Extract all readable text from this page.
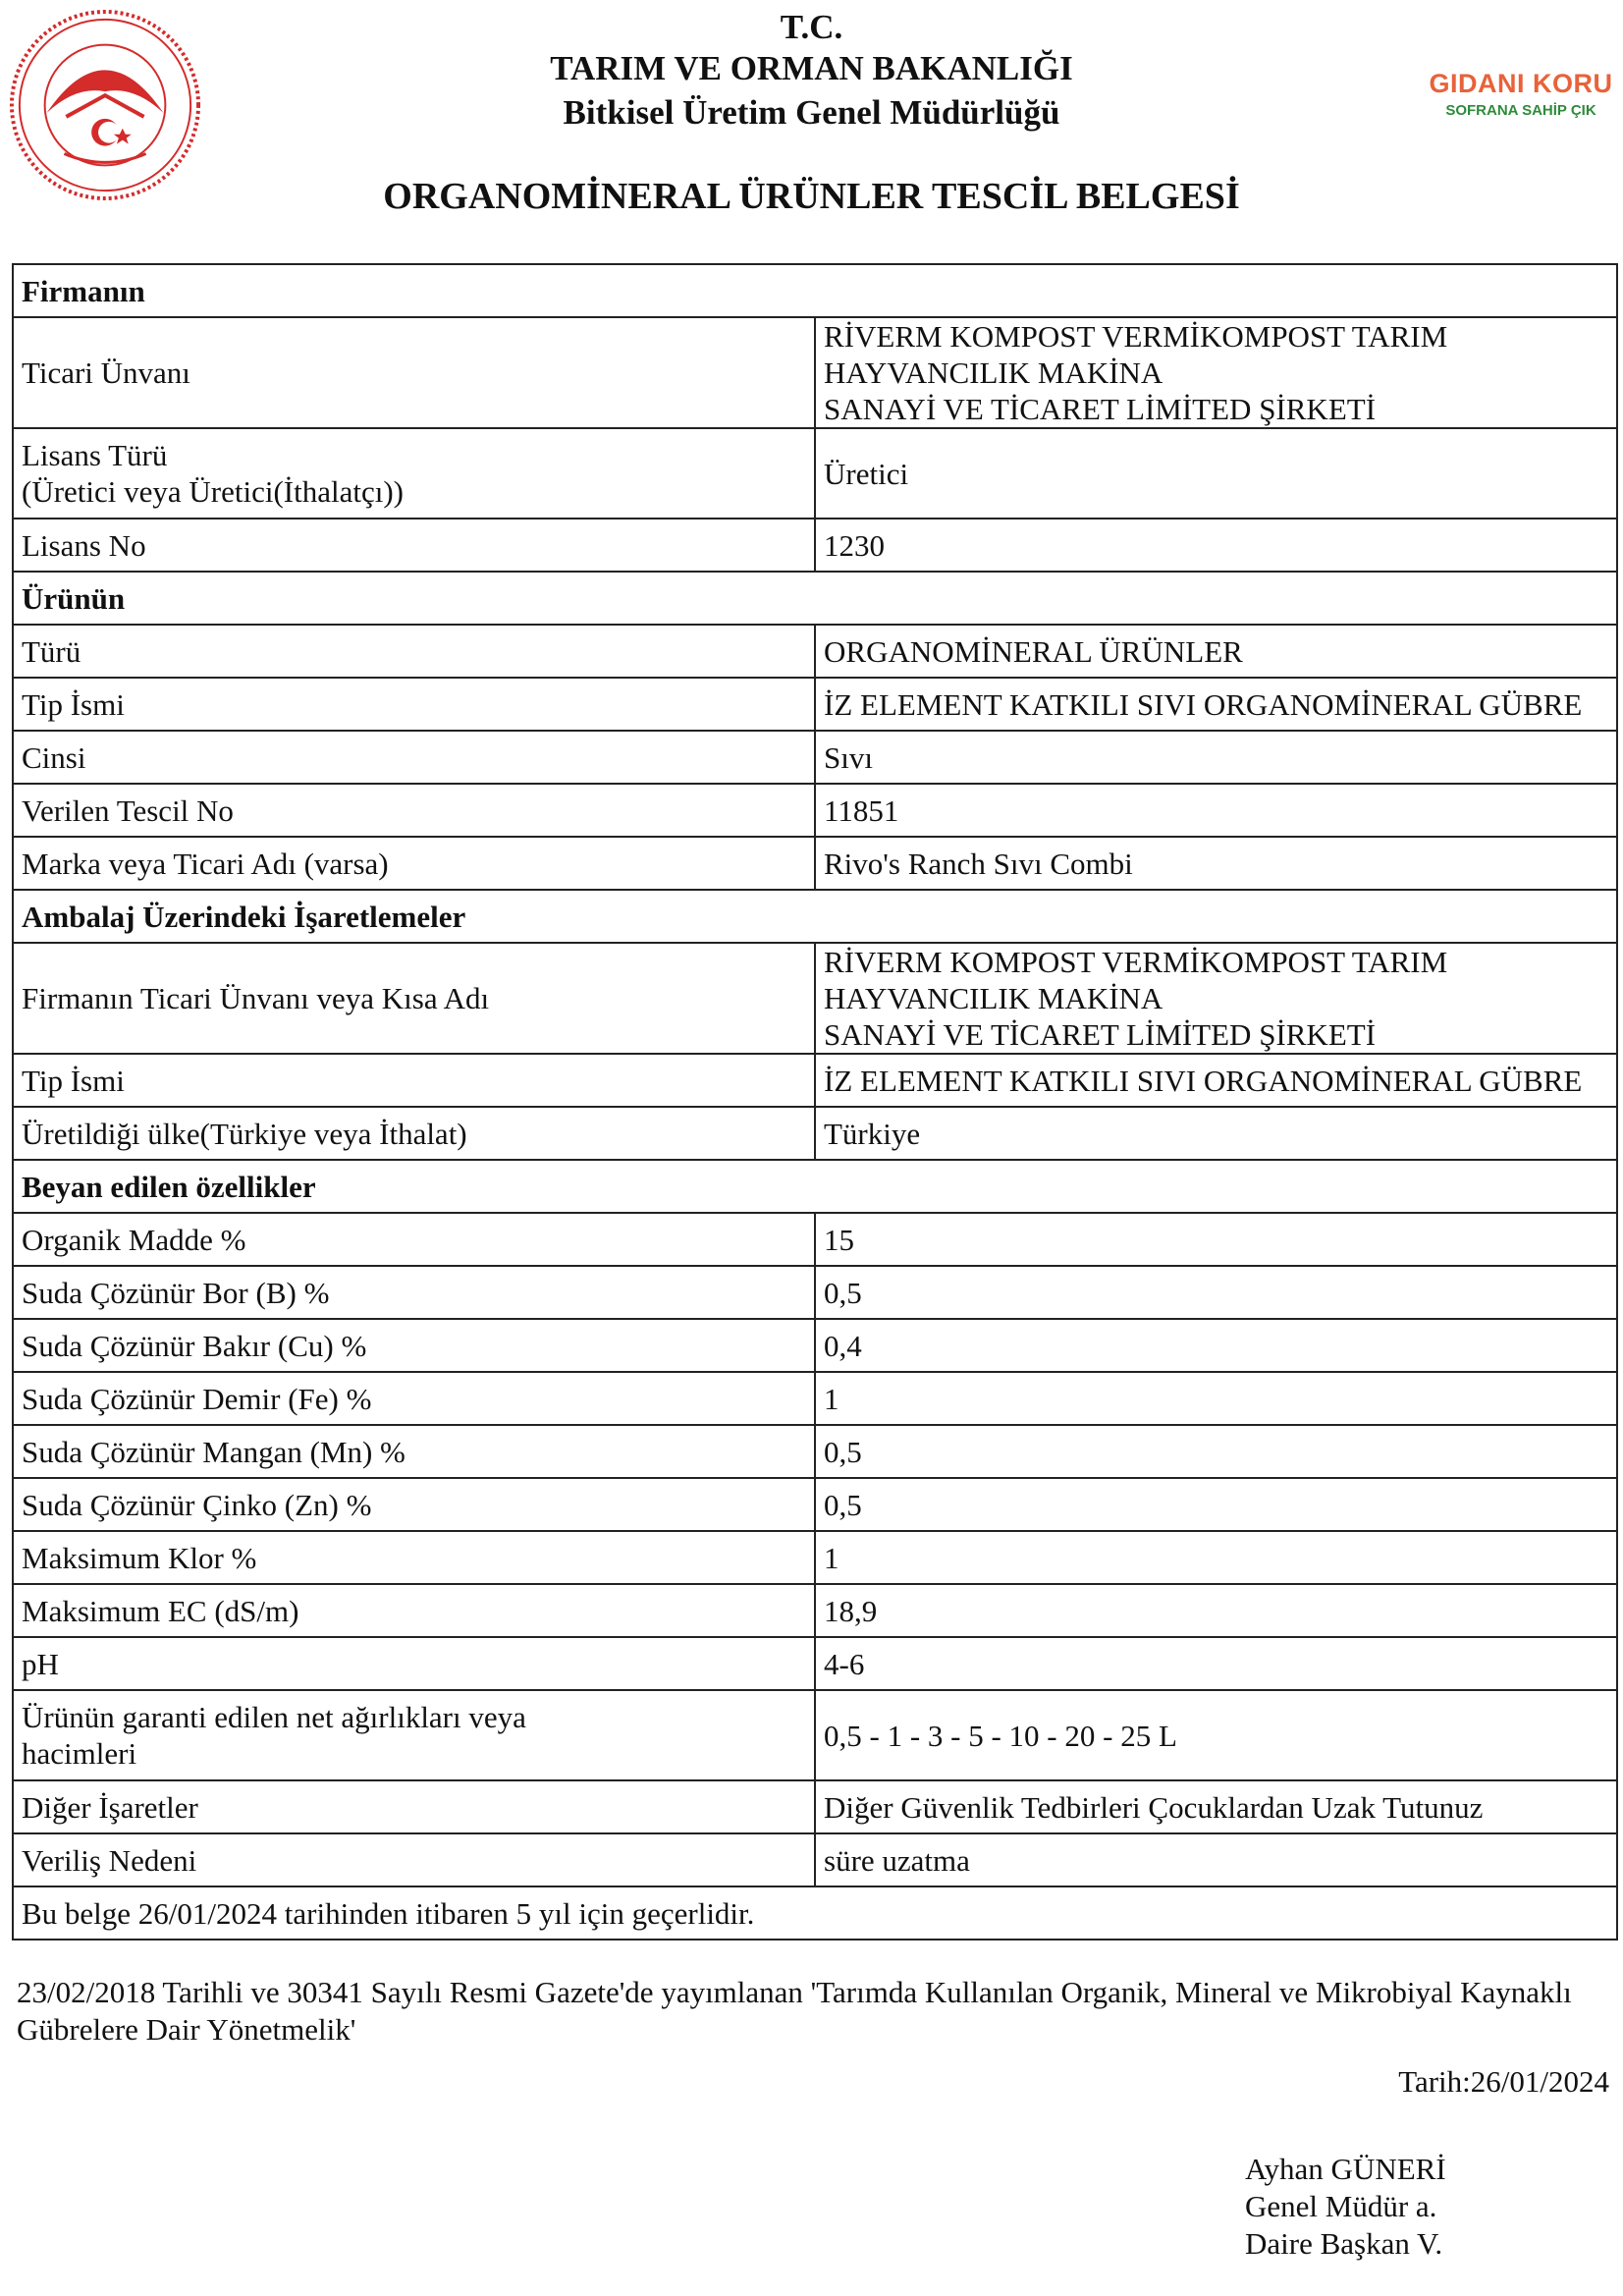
GIDANI KORU
SOFRANA SAHİP ÇIK
T.C.
TARIM VE ORMAN BAKANLIĞI
Bitkisel Üretim Genel Müdürlüğü
ORGANOMİNERAL ÜRÜNLER TESCİL BELGESİ
Firmanın	
Ticari Ünvanı	RİVERM KOMPOST VERMİKOMPOST TARIM HAYVANCILIK MAKİNA
SANAYİ VE TİCARET LİMİTED ŞİRKETİ

Lisans Türü
(Üretici veya Üretici(İthalatçı))	Üretici
Lisans No	1230
Ürünün	
Türü	ORGANOMİNERAL ÜRÜNLER
Tip İsmi	İZ ELEMENT KATKILI SIVI ORGANOMİNERAL GÜBRE
Cinsi	Sıvı
Verilen Tescil No	11851
Marka veya Ticari Adı (varsa)	Rivo's Ranch Sıvı Combi
Ambalaj Üzerindeki İşaretlemeler	
Firmanın Ticari Ünvanı veya Kısa Adı	RİVERM KOMPOST VERMİKOMPOST TARIM HAYVANCILIK MAKİNA
SANAYİ VE TİCARET LİMİTED ŞİRKETİ

Tip İsmi	İZ ELEMENT KATKILI SIVI ORGANOMİNERAL GÜBRE
Üretildiği ülke(Türkiye veya İthalat)	Türkiye
Beyan edilen özellikler	
Organik Madde %	15
Suda Çözünür Bor (B) %	0,5
Suda Çözünür Bakır (Cu) %	0,4
Suda Çözünür Demir (Fe) %	1
Suda Çözünür Mangan (Mn) %	0,5
Suda Çözünür Çinko (Zn) %	0,5
Maksimum Klor %	1
Maksimum EC (dS/m)	18,9
pH	4-6

Ürünün garanti edilen net ağırlıkları veya
hacimleri	0,5 - 1 - 3 - 5 - 10 - 20 - 25 L
Diğer İşaretler	Diğer Güvenlik Tedbirleri Çocuklardan Uzak Tutunuz
Veriliş Nedeni	süre uzatma
Bu belge 26/01/2024 tarihinden itibaren 5 yıl için geçerlidir.	
23/02/2018 Tarihli ve 30341 Sayılı Resmi Gazete'de yayımlanan 'Tarımda Kullanılan Organik, Mineral ve Mikrobiyal Kaynaklı Gübrelere Dair Yönetmelik'
Tarih:26/01/2024
Ayhan GÜNERİ
Genel Müdür a.
Daire Başkan V.
